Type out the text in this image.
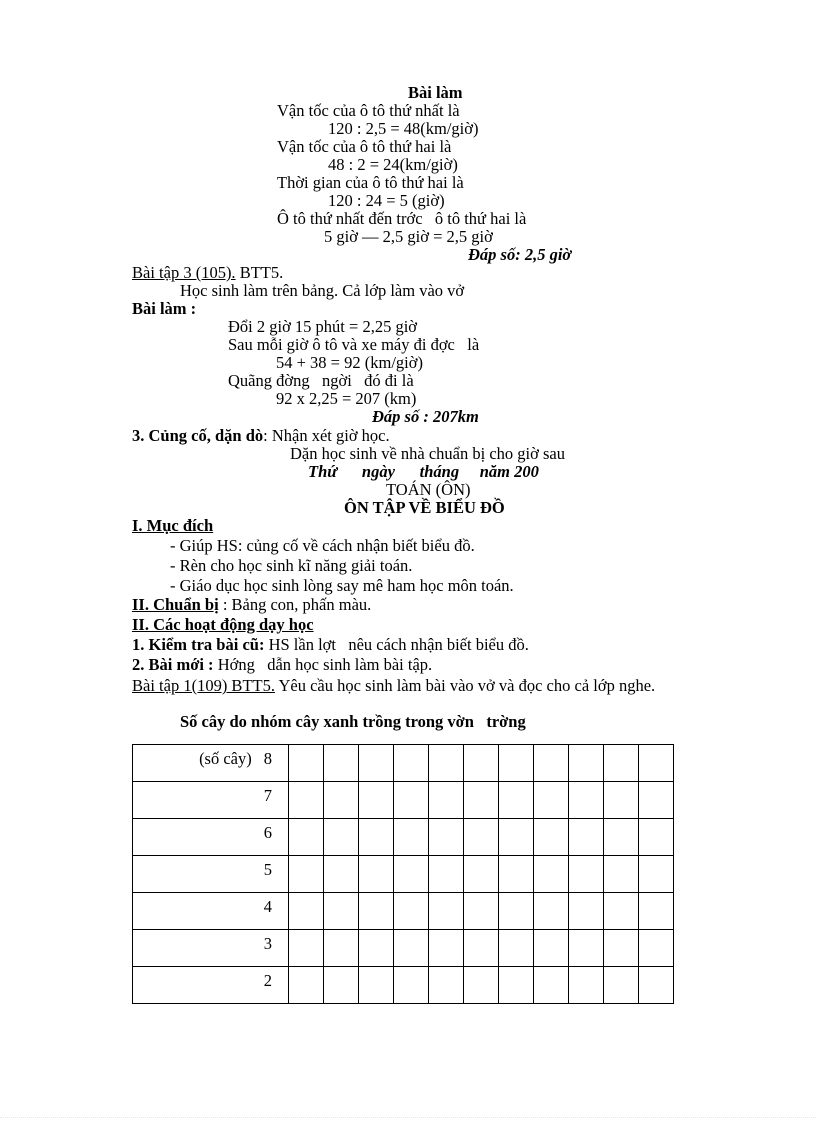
Bài làm
Vận tốc của ô tô thứ nhất là
120 : 2,5 = 48(km/giờ)
Vận tốc của ô tô thứ hai là
48 : 2 = 24(km/giờ)
Thời gian của ô tô thứ hai là
120 : 24 = 5 (giờ)
Ô tô thứ nhất đến trớc   ô tô thứ hai là
5 giờ — 2,5 giờ = 2,5 giờ
Đáp số: 2,5 giờ
Bài tập 3 (105). BTT5.
Học sinh làm trên bảng. Cả lớp làm vào vở
Bài làm :
Đổi 2 giờ 15 phút = 2,25 giờ
Sau mỗi giờ ô tô và xe máy đi đợc   là
54 + 38 = 92 (km/giờ)
Quãng đờng   ngời   đó đi là
92 x 2,25 = 207 (km)
Đáp số : 207km
3. Củng cố, dặn dò: Nhận xét giờ học.
Dặn học sinh về nhà chuẩn bị cho giờ sau
Thứ      ngày      tháng     năm 200
TOÁN (ÔN)
ÔN TẬP VỀ BIỂU ĐỒ
I. Mục đích
- Giúp HS: củng cố về cách nhận biết biểu đồ.
- Rèn cho học sinh kĩ năng giải toán.
- Giáo dục học sinh lòng say mê ham học môn toán.
II. Chuẩn bị : Bảng con, phấn màu.
II. Các hoạt động dạy học
1. Kiểm tra bài cũ: HS lần lợt   nêu cách nhận biết biểu đồ.
2. Bài mới : Hớng   dẫn học sinh làm bài tập.
Bài tập 1(109) BTT5. Yêu cầu học sinh làm bài vào vở và đọc cho cả lớp nghe.
Số cây do nhóm cây xanh trồng trong vờn   trờng
(số cây) 8											
7											
6											
5											
4											
3											
2											
